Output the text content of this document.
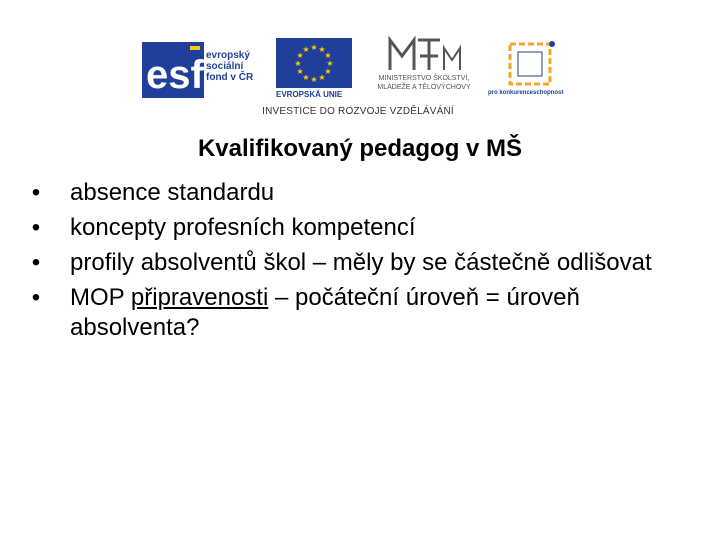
esf evropský
sociální
fond v ČR
★ ★
★
★
★
★
★
★
★
★
★
★
EVROPSKÁ UNIE
MINISTERSTVO ŠKOLSTVÍ,
MLÁDEŽE A TĚLOVÝCHOVY
pro konkurenceschopnost
INVESTICE DO ROZVOJE VZDĚLÁVÁNÍ
Kvalifikovaný pedagog v MŠ
• absence standardu
• koncepty profesních kompetencí
• profily absolventů škol – měly by se částečně odlišovat
• MOP připravenosti – počáteční úroveň = úroveň absolventa?
